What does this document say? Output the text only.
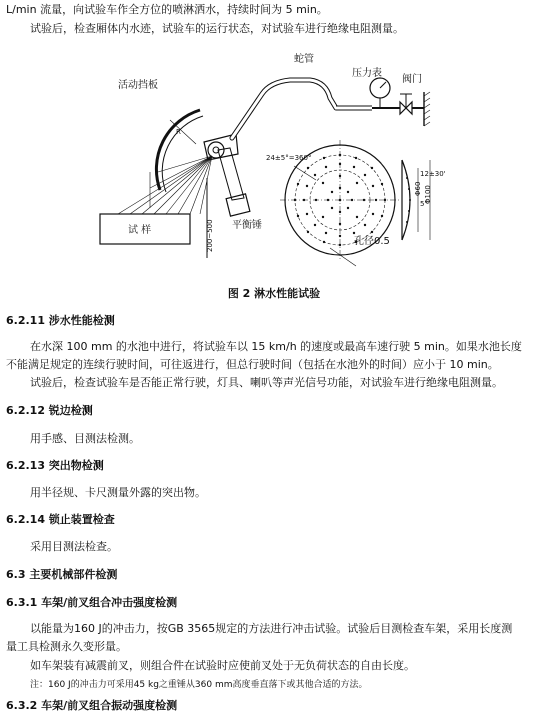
L/min 流量，向试验车作全方位的喷淋洒水，持续时间为 5 min。
试验后，检查厢体内水迹，试验车的运行状态，对试验车进行绝缘电阻测量。
蛇管
压力表
阀门
活动挡板
试 样	平衡锤
孔径0.5
24±5°=360°
12±30'
Φ100
Φ60
5°
R
200~500
图 2 淋水性能试验
6.2.11 涉水性能检测
在水深 100 mm 的水池中进行，将试验车以 15 km/h 的速度或最高车速行驶 5 min。如果水池长度
不能满足规定的连续行驶时间，可往返进行，但总行驶时间（包括在水池外的时间）应小于 10 min。
试验后，检查试验车是否能正常行驶，灯具、喇叭等声光信号功能，对试验车进行绝缘电阻测量。
6.2.12 锐边检测
用手感、目测法检测。
6.2.13 突出物检测
用半径规、卡尺测量外露的突出物。
6.2.14 锁止装置检查
采用目测法检查。
6.3 主要机械部件检测
6.3.1 车架/前叉组合冲击强度检测
以能量为160 J的冲击力，按GB 3565规定的方法进行冲击试验。试验后目测检查车架，采用长度测
量工具检测永久变形量。
如车架装有减震前叉，则组合件在试验时应使前叉处于无负荷状态的自由长度。
注：160 J的冲击力可采用45 kg之重锤从360 mm高度垂直落下或其他合适的方法。
6.3.2 车架/前叉组合振动强度检测
